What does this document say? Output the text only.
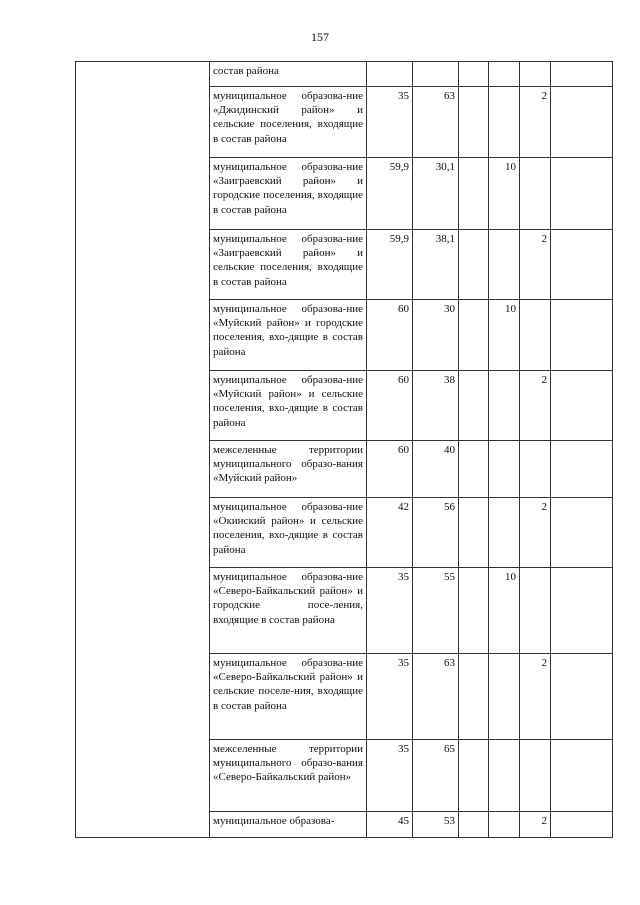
157
	состав района						
	муниципальное образова-ние «Джидинский район» и сельские поселения, входящие в состав района	35	63			2	
	муниципальное образова-ние «Заиграевский район» и городские поселения, входящие в состав района	59,9	30,1		10		
	муниципальное образова-ние «Заиграевский район» и сельские поселения, входящие в состав района	59,9	38,1			2	
	муниципальное образова-ние «Муйский район» и городские поселения, вхо-дящие в состав района	60	30		10		
	муниципальное образова-ние «Муйский район» и сельские поселения, вхо-дящие в состав района	60	38			2	
	межселенные территории муниципального образо-вания «Муйский район»	60	40				
	муниципальное образова-ние «Окинский район» и сельские поселения, вхо-дящие в состав района	42	56			2	
	муниципальное образова-ние «Северо-Байкальский район» и городские посе-ления, входящие в состав района	35	55		10		
	муниципальное образова-ние «Северо-Байкальский район» и сельские поселе-ния, входящие в состав района	35	63			2	
	межселенные территории муниципального образо-вания «Северо-Байкальский район»	35	65				
	муниципальное образова-	45	53			2	
